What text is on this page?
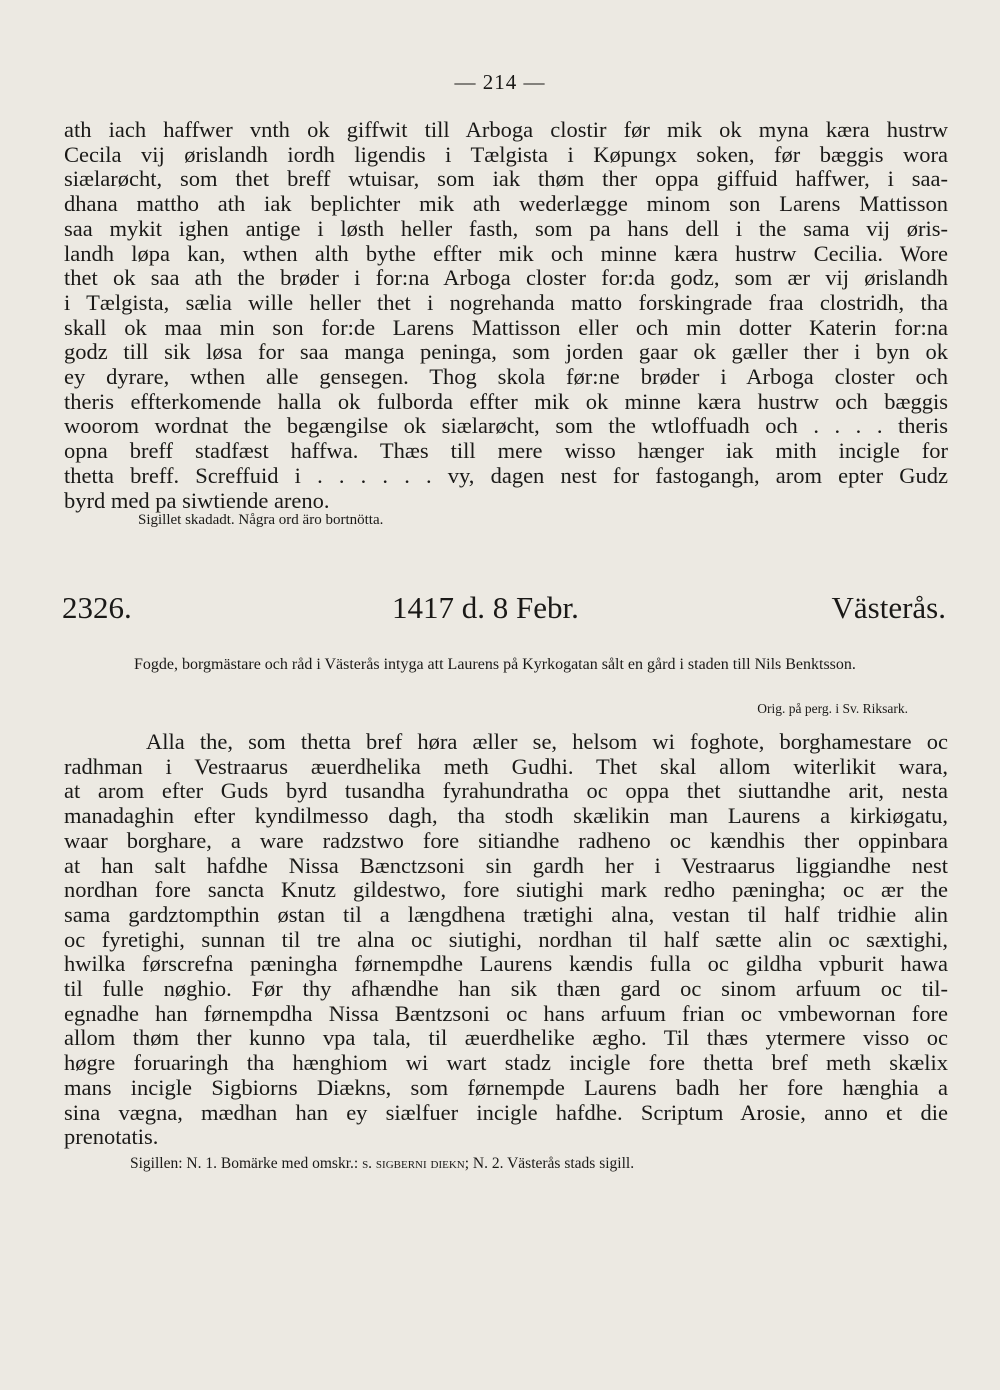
— 214 —
ath iach haffwer vnth ok giffwit till Arboga clostir før mik ok myna kæra hustrw
Cecila vij ørislandh iordh ligendis i Tælgista i Køpungx soken, før bæggis wora
siælarøcht, som thet breff wtuisar, som iak thøm ther oppa giffuid haffwer, i saa-
dhana mattho ath iak beplichter mik ath wederlægge minom son Larens Mattisson
saa mykit ighen antige i løsth heller fasth, som pa hans dell i the sama vij øris-
landh løpa kan, wthen alth bythe effter mik och minne kæra hustrw Cecilia. Wore
thet ok saa ath the brøder i for:na Arboga closter for:da godz, som ær vij ørislandh
i Tælgista, sælia wille heller thet i nogrehanda matto forskingrade fraa clostridh, tha
skall ok maa min son for:de Larens Mattisson eller och min dotter Katerin for:na
godz till sik løsa for saa manga peninga, som jorden gaar ok gæller ther i byn ok
ey dyrare, wthen alle gensegen. Thog skola før:ne brøder i Arboga closter och
theris effterkomende halla ok fulborda effter mik ok minne kæra hustrw och bæggis
woorom wordnat the begængilse ok siælarøcht, som the wtloffuadh och . . . . theris
opna breff stadfæst haffwa. Thæs till mere wisso hænger iak mith incigle for
thetta breff. Screffuid i . . . . . . vy, dagen nest for fastogangh, arom epter Gudz
byrd med pa siwtiende areno.
Sigillet skadadt. Några ord äro bortnötta.
2326.	1417 d. 8 Febr.	Västerås.
Fogde, borgmästare och råd i Västerås intyga att Laurens på Kyrkogatan sålt en gård i staden till Nils Benktsson.
Orig. på perg. i Sv. Riksark.
Alla the, som thetta bref høra æller se, helsom wi foghote, borghamestare oc
radhman i Vestraarus æuerdhelika meth Gudhi. Thet skal allom witerlikit wara,
at arom efter Guds byrd tusandha fyrahundratha oc oppa thet siuttandhe arit, nesta
manadaghin efter kyndilmesso dagh, tha stodh skælikin man Laurens a kirkiøgatu,
waar borghare, a ware radzstwo fore sitiandhe radheno oc kændhis ther oppinbara
at han salt hafdhe Nissa Bænctzsoni sin gardh her i Vestraarus liggiandhe nest
nordhan fore sancta Knutz gildestwo, fore siutighi mark redho pæningha; oc ær the
sama gardztompthin østan til a længdhena trætighi alna, vestan til half tridhie alin
oc fyretighi, sunnan til tre alna oc siutighi, nordhan til half sætte alin oc sæxtighi,
hwilka førscrefna pæningha førnempdhe Laurens kændis fulla oc gildha vpburit hawa
til fulle nøghio. Før thy afhændhe han sik thæn gard oc sinom arfuum oc til-
egnadhe han førnempdha Nissa Bæntzsoni oc hans arfuum frian oc vmbewornan fore
allom thøm ther kunno vpa tala, til æuerdhelike ægho. Til thæs ytermere visso oc
høgre foruaringh tha hænghiom wi wart stadz incigle fore thetta bref meth skælix
mans incigle Sigbiorns Diækns, som førnempde Laurens badh her fore hænghia a
sina vægna, mædhan han ey siælfuer incigle hafdhe. Scriptum Arosie, anno et die
prenotatis.
Sigillen: N. 1. Bomärke med omskr.: s. sigberni diekn; N. 2. Västerås stads sigill.
